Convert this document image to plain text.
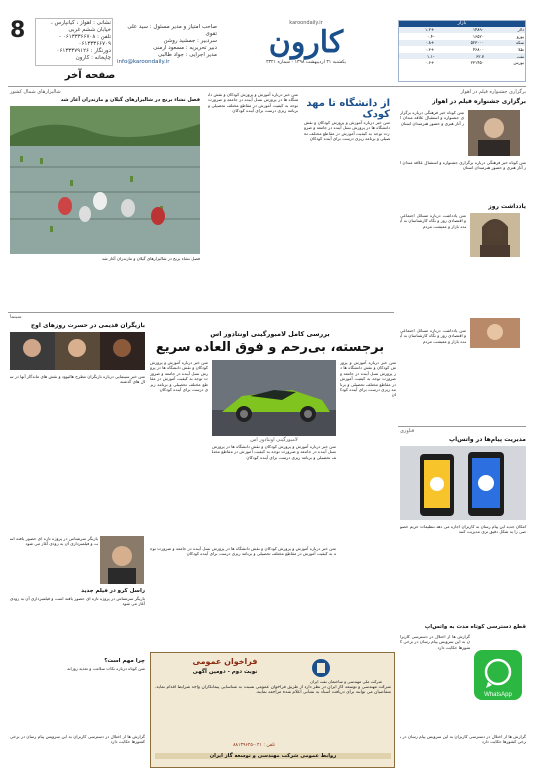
8	نشانی : اهواز ، کیانپارس ، خیابان ششم غربی
تلفن : ۰۶۱۳۳۳۶۶۷۰۸ - ۰۶۱۳۳۳۶۶۷۰۹
دورنگار : ۰۶۱۳۳۳۷۹۱۲۶
چاپخانه : کارون
صاحب امتیاز و مدیر مسئول : سید علی تقوی
سردبیر : جمشید روشن
دبیر تحریریه : مسعود ارمنی
مدیر اجرایی : جواد طالبی
info@karoondaily.ir
صفحه آخر
karoondaily.ir
کارون
یکشنبه ۳۱ اردیبهشت ۱۳۹۸ - شماره ۳۳۲۱
بازار
دلار	۱۴۸۹۰	+۱.۲
یورو	۱۶۵۲۰	-۰.۴
سکه	۵۲۳۰۰۰	+۰.۸
طلا	۴۶۸۰۰	+۰.۳
نفت	۶۲.۷	-۱.۱
بورس	۲۳۱۴۵۰	+۰.۶
شالیزارهای شمال کشور
فصل نشاء برنج در شالیزارهای گیلان و مازندران آغاز شد
فصل نشاء برنج در شالیزارهای گیلان و مازندران آغاز شد
از دانشگاه تا مهد کودک
متن خبر درباره آموزش و پرورش کودکان و نقش دانشگاه ها در پرورش نسل آینده در جامعه و ضرورت توجه به کیفیت آموزش در مقاطع مختلف تحصیلی و برنامه ریزی درست برای آینده کودکان
متن خبر درباره آموزش و پرورش کودکان و نقش دانشگاه ها در پرورش نسل آینده در جامعه و ضرورت توجه به کیفیت آموزش در مقاطع مختلف تحصیلی و برنامه ریزی درست برای آینده کودکان
برگزاری جشنواره فیلم در اهواز
برگزاری جشنواره فیلم در اهواز
متن کوتاه خبر فرهنگی درباره برگزاری جشنواره و استقبال علاقه مندان از آثار هنری و حضور هنرمندان استان
متن کوتاه خبر فرهنگی درباره برگزاری جشنواره و استقبال علاقه مندان از آثار هنری و حضور هنرمندان استان
یادداشت روز
متن یادداشت درباره مسائل اجتماعی و اقتصادی روز و نگاه کارشناسان به آینده بازار و معیشت مردم
متن یادداشت درباره مسائل اجتماعی و اقتصادی روز و نگاه کارشناسان به آینده بازار و معیشت مردم
سینما
بررسی کامل لامبورگینی اونتادور اس
برجسته، بی‌رحم و فوق العاده سریع
متن خبر درباره آموزش و پرورش کودکان و نقش دانشگاه ها در پرورش نسل آینده در جامعه و ضرورت توجه به کیفیت آموزش در مقاطع مختلف تحصیلی و برنامه ریزی درست برای آینده کودکان
لامبورگینی اونتادور اس
متن خبر درباره آموزش و پرورش کودکان و نقش دانشگاه ها در پرورش نسل آینده در جامعه و ضرورت توجه به کیفیت آموزش در مقاطع مختلف تحصیلی و برنامه ریزی درست برای آینده کودکان
متن خبر درباره آموزش و پرورش کودکان و نقش دانشگاه ها در پرورش نسل آینده در جامعه و ضرورت توجه به کیفیت آموزش در مقاطع مختلف تحصیلی و برنامه ریزی درست برای آینده کودکان
بازیگران قدیمی در حسرت روزهای اوج
متن خبر سینمایی درباره بازیگران مطرح هالیوود و نقش های ماندگار آنها در سال های گذشته
بازیگر سرشناس در پروژه تازه ای حضور یافته است و فیلمبرداری آن به زودی آغاز می شود
راسل کرو در فیلم جدید
بازیگر سرشناس در پروژه تازه ای حضور یافته است و فیلمبرداری آن به زودی آغاز می شود
چرا مهم است؟
متن کوتاه درباره نکات سلامت و تغذیه روزانه
متن خبر درباره آموزش و پرورش کودکان و نقش دانشگاه ها در پرورش نسل آینده در جامعه و ضرورت توجه به کیفیت آموزش در مقاطع مختلف تحصیلی و برنامه ریزی درست برای آینده کودکان
فناوری
مدیریت پیام‌ها در واتس‌اپ
امکان جدید این پیام رسان به کاربران اجازه می دهد تنظیمات حریم خصوصی را به شکل دقیق تری مدیریت کنند
قطع دسترسی کوتاه مدت به واتس‌اپ
WhatsApp
گزارش ها از اختلال در دسترسی کاربران به این سرویس پیام رسان در برخی کشورها حکایت دارد
فراخوان عمومی
نوبت دوم - دومین آگهی
شرکت ملی مهندسی و ساختمان نفت ایران
شرکت مهندسی و توسعه گاز ایران در نظر دارد از طریق فراخوان عمومی نسبت به شناسایی پیمانکاران واجد شرایط اقدام نماید. متقاضیان می توانند برای دریافت اسناد به نشانی اعلام شده مراجعه نمایند.
تلفن : ۰۲۱-۸۸۱۳۹۶۲۵
روابط عمومی شرکت مهندسی و توسعه گاز ایران
گزارش ها از اختلال در دسترسی کاربران به این سرویس پیام رسان در برخی کشورها حکایت دارد
گزارش ها از اختلال در دسترسی کاربران به این سرویس پیام رسان در برخی کشورها حکایت دارد
